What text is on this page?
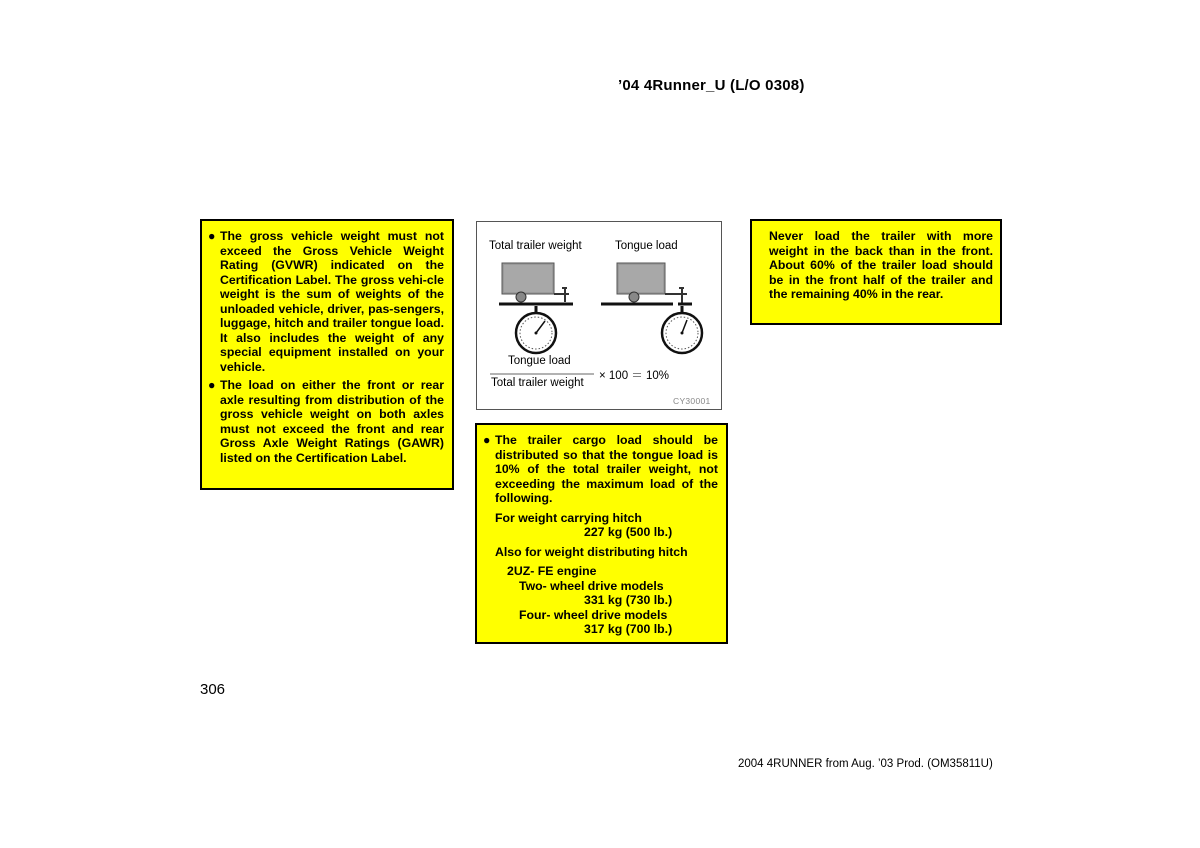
’04 4Runner_U (L/O 0308)
● The gross vehicle weight must not exceed the Gross Vehicle Weight Rating (GVWR) indicated on the Certification Label. The gross vehi-cle weight is the sum of weights of the unloaded vehicle, driver, pas-sengers, luggage, hitch and trailer tongue load. It also includes the weight of any special equipment installed on your vehicle.
● The load on either the front or rear axle resulting from distribution of the gross vehicle weight on both axles must not exceed the front and rear Gross Axle Weight Ratings (GAWR) listed on the Certification Label.
Total trailer weight	Tongue load
Tongue load
Total trailer weight
× 100 ＝ 10%
CY30001
● The trailer cargo load should be distributed so that the tongue load is 10% of the total trailer weight, not exceeding the maximum load of the following.
For weight carrying hitch
227 kg (500 lb.)
Also for weight distributing hitch
2UZ- FE engine
Two- wheel drive models
331 kg (730 lb.)
Four- wheel drive models
317 kg (700 lb.)
Never load the trailer with more weight in the back than in the front. About 60% of the trailer load should be in the front half of the trailer and the remaining 40% in the rear.
306
2004 4RUNNER from Aug. ’03 Prod. (OM35811U)
